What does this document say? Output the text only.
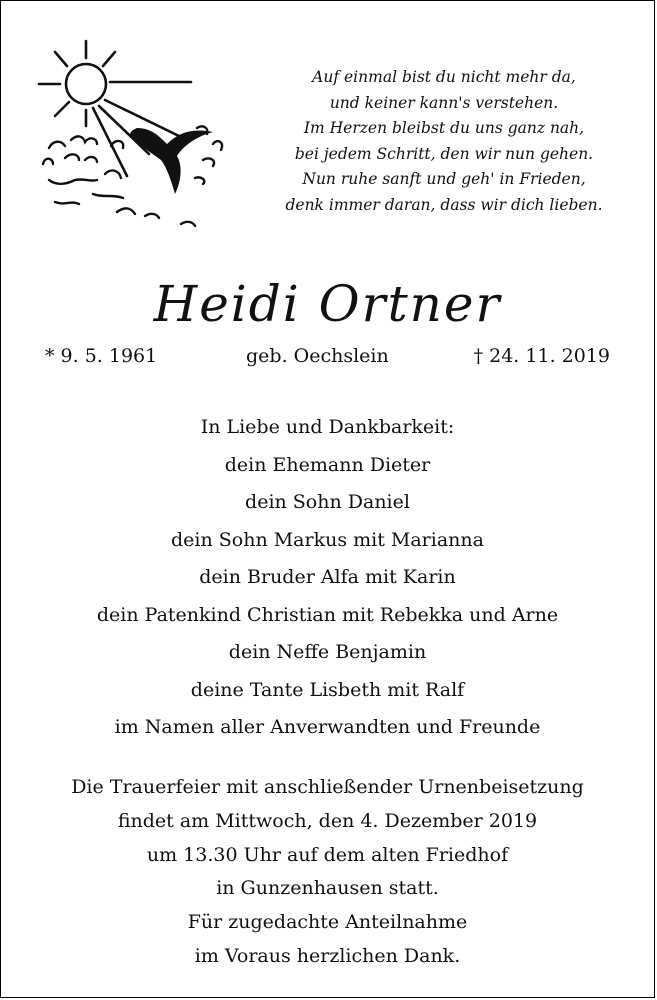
Auf einmal bist du nicht mehr da,
und keiner kann's verstehen.
Im Herzen bleibst du uns ganz nah,
bei jedem Schritt, den wir nun gehen.
Nun ruhe sanft und geh' in Frieden,
denk immer daran, dass wir dich lieben.
Heidi Ortner
* 9. 5. 1961	geb. Oechslein	† 24. 11. 2019
In Liebe und Dankbarkeit:
dein Ehemann Dieter
dein Sohn Daniel
dein Sohn Markus mit Marianna
dein Bruder Alfa mit Karin
dein Patenkind Christian mit Rebekka und Arne
dein Neffe Benjamin
deine Tante Lisbeth mit Ralf
im Namen aller Anverwandten und Freunde
Die Trauerfeier mit anschließender Urnenbeisetzung
findet am Mittwoch, den 4. Dezember 2019
um 13.30 Uhr auf dem alten Friedhof
in Gunzenhausen statt.
Für zugedachte Anteilnahme
im Voraus herzlichen Dank.
